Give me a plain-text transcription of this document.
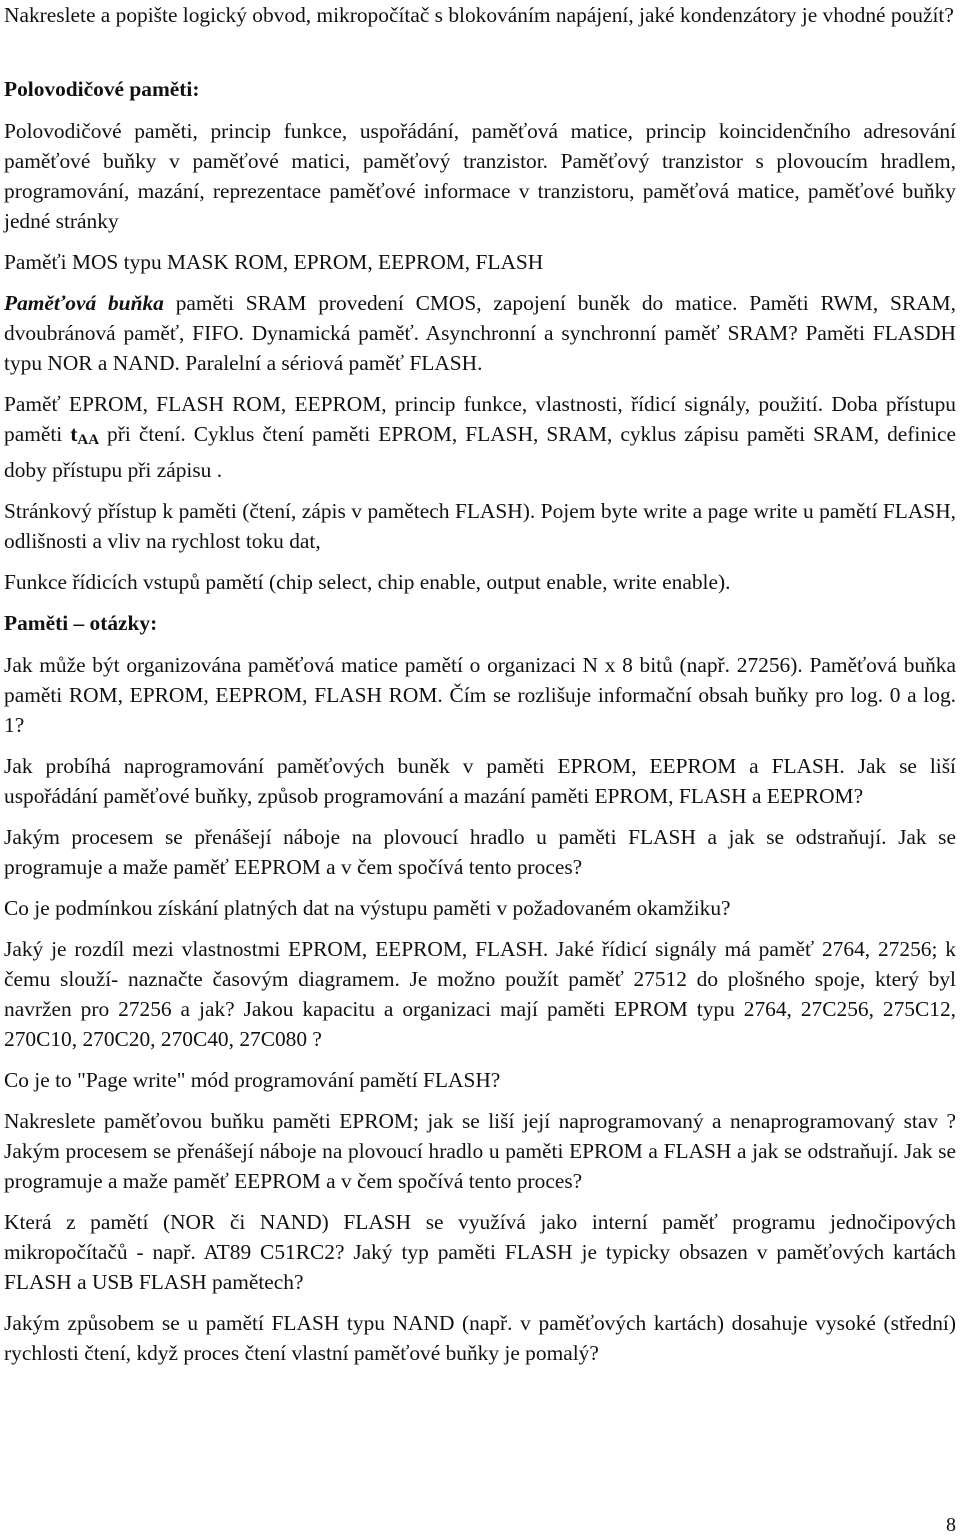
Nakreslete a popište logický obvod, mikropočítač s blokováním napájení, jaké kondenzátory je vhodné použít?

Polovodičové paměti:

Polovodičové paměti, princip funkce, uspořádání, paměťová matice, princip koincidenčního adresování paměťové buňky v paměťové matici, paměťový tranzistor. Paměťový tranzistor s plovoucím hradlem, programování, mazání, reprezentace paměťové informace v tranzistoru, paměťová matice, paměťové buňky jedné stránky

Paměťi MOS typu MASK ROM, EPROM, EEPROM, FLASH

Paměťová buňka paměti SRAM provedení CMOS, zapojení buněk do matice. Paměti RWM, SRAM, dvoubránová paměť, FIFO. Dynamická paměť. Asynchronní a synchronní paměť SRAM? Paměti FLASDH typu NOR a NAND. Paralelní a sériová paměť FLASH.

Paměť EPROM, FLASH ROM, EEPROM, princip funkce, vlastnosti, řídicí signály, použití. Doba přístupu paměti $t_{AA}$ při čtení. Cyklus čtení paměti EPROM, FLASH, SRAM, cyklus zápisu paměti SRAM, definice doby přístupu při zápisu .

Stránkový přístup k paměti (čtení, zápis v pamětech FLASH). Pojem byte write a page write u pamětí FLASH, odlišnosti a vliv na rychlost toku dat,

Funkce řídicích vstupů pamětí (chip select, chip enable, output enable, write enable).

Paměti – otázky:

Jak může být organizována paměťová matice pamětí o organizaci N x 8 bitů (např. 27256). Paměťová buňka paměti ROM, EPROM, EEPROM, FLASH ROM. Čím se rozlišuje informační obsah buňky pro log. 0 a log. 1?

Jak probíhá naprogramování paměťových buněk v paměti EPROM, EEPROM a FLASH. Jak se liší uspořádání paměťové buňky, způsob programování a mazání paměti EPROM, FLASH a EEPROM?

Jakým procesem se přenášejí náboje na plovoucí hradlo u paměti FLASH a jak se odstraňují. Jak se programuje a maže paměť EEPROM a v čem spočívá tento proces?

Co je podmínkou získání platných dat na výstupu paměti v požadovaném okamžiku?

Jaký je rozdíl mezi vlastnostmi EPROM, EEPROM, FLASH. Jaké řídicí signály má paměť 2764, 27256; k čemu slouží- naznačte časovým diagramem. Je možno použít paměť 27512 do plošného spoje, který byl navržen pro 27256 a jak? Jakou kapacitu a organizaci mají paměti EPROM typu 2764, 27C256, 275C12, 270C10, 270C20, 270C40, 27C080 ?

Co je to "Page write" mód programování pamětí FLASH?

Nakreslete paměťovou buňku paměti EPROM; jak se liší její naprogramovaný a nenaprogramovaný stav ? Jakým procesem se přenášejí náboje na plovoucí hradlo u paměti EPROM a FLASH a jak se odstraňují. Jak se programuje a maže paměť EEPROM a v čem spočívá tento proces?

Která z pamětí (NOR či NAND) FLASH se využívá jako interní paměť programu jednočipových mikropočítačů - např. AT89 C51RC2? Jaký typ paměti FLASH je typicky obsazen v paměťových kartách FLASH a USB FLASH pamětech?

Jakým způsobem se u pamětí FLASH typu NAND (např. v paměťových kartách) dosahuje vysoké (střední) rychlosti čtení, když proces čtení vlastní paměťové buňky je pomalý?

8
